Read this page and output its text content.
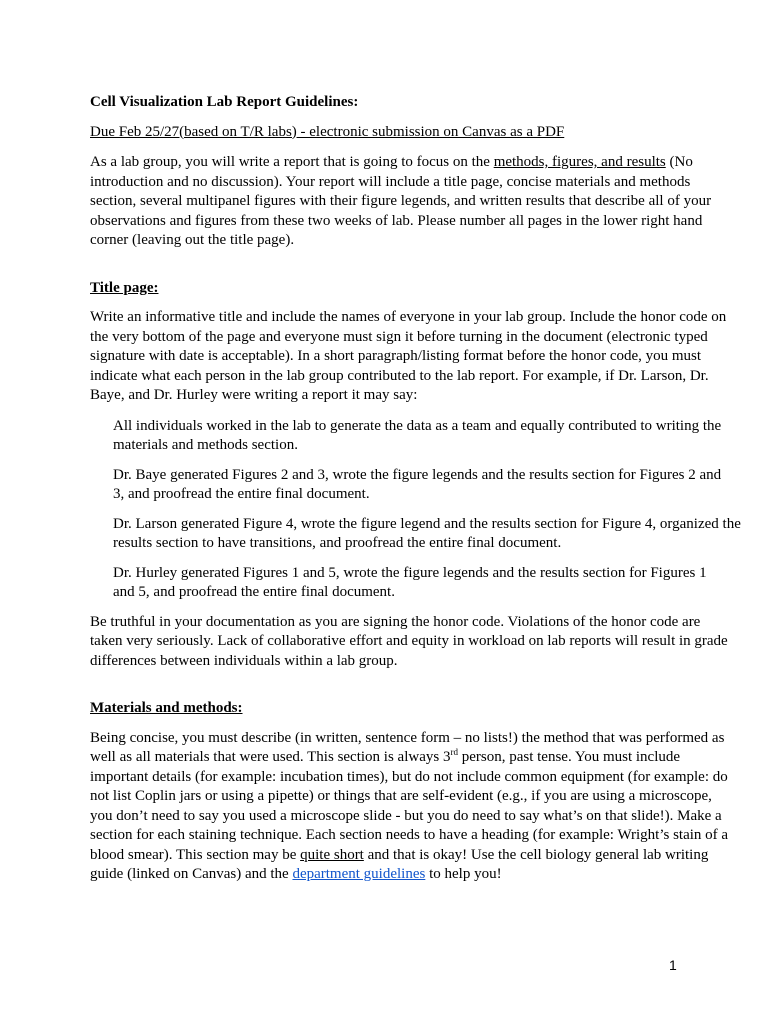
Cell Visualization Lab Report Guidelines:

Due Feb 25/27(based on T/R labs) - electronic submission on Canvas as a PDF

As a lab group, you will write a report that is going to focus on the methods, figures, and results (No introduction and no discussion). Your report will include a title page, concise materials and methods section, several multipanel figures with their figure legends, and written results that describe all of your observations and figures from these two weeks of lab. Please number all pages in the lower right hand corner (leaving out the title page).

Title page:

Write an informative title and include the names of everyone in your lab group. Include the honor code on the very bottom of the page and everyone must sign it before turning in the document (electronic typed signature with date is acceptable). In a short paragraph/listing format before the honor code, you must indicate what each person in the lab group contributed to the lab report. For example, if Dr. Larson, Dr. Baye, and Dr. Hurley were writing a report it may say:

All individuals worked in the lab to generate the data as a team and equally contributed to writing the materials and methods section.

Dr. Baye generated Figures 2 and 3, wrote the figure legends and the results section for Figures 2 and 3, and proofread the entire final document.

Dr. Larson generated Figure 4, wrote the figure legend and the results section for Figure 4, organized the results section to have transitions, and proofread the entire final document.

Dr. Hurley generated Figures 1 and 5, wrote the figure legends and the results section for Figures 1 and 5, and proofread the entire final document.

Be truthful in your documentation as you are signing the honor code. Violations of the honor code are taken very seriously. Lack of collaborative effort and equity in workload on lab reports will result in grade differences between individuals within a lab group.

Materials and methods:

Being concise, you must describe (in written, sentence form – no lists!) the method that was performed as well as all materials that were used. This section is always 3rd person, past tense. You must include important details (for example: incubation times), but do not include common equipment (for example: do not list Coplin jars or using a pipette) or things that are self-evident (e.g., if you are using a microscope, you don’t need to say you used a microscope slide - but you do need to say what’s on that slide!). Make a section for each staining technique. Each section needs to have a heading (for example: Wright’s stain of a blood smear). This section may be quite short and that is okay! Use the cell biology general lab writing guide (linked on Canvas) and the department guidelines to help you!

1
